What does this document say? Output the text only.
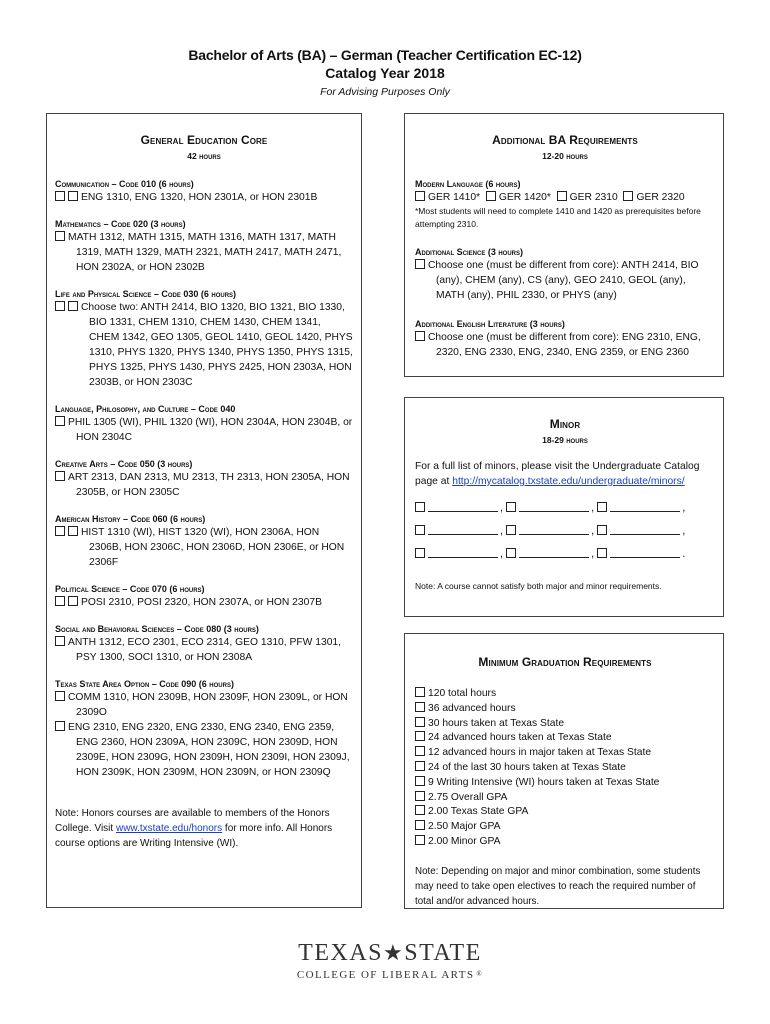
Bachelor of Arts (BA) – German (Teacher Certification EC-12)
Catalog Year 2018
For Advising Purposes Only
General Education Core
42 hours
Communication – Code 010 (6 hours)
ENG 1310, ENG 1320, HON 2301A, or HON 2301B
Mathematics – Code 020 (3 hours)
MATH 1312, MATH 1315, MATH 1316, MATH 1317, MATH 1319, MATH 1329, MATH 2321, MATH 2417, MATH 2471, HON 2302A, or HON 2302B
Life and Physical Science – Code 030 (6 hours)
Choose two: ANTH 2414, BIO 1320, BIO 1321, BIO 1330, BIO 1331, CHEM 1310, CHEM 1430, CHEM 1341, CHEM 1342, GEO 1305, GEOL 1410, GEOL 1420, PHYS 1310, PHYS 1320, PHYS 1340, PHYS 1350, PHYS 1315, PHYS 1325, PHYS 1430, PHYS 2425, HON 2303A, HON 2303B, or HON 2303C
Language, Philosophy, and Culture – Code 040
PHIL 1305 (WI), PHIL 1320 (WI), HON 2304A, HON 2304B, or HON 2304C
Creative Arts – Code 050 (3 hours)
ART 2313, DAN 2313, MU 2313, TH 2313, HON 2305A, HON 2305B, or HON 2305C
American History – Code 060 (6 hours)
HIST 1310 (WI), HIST 1320 (WI), HON 2306A, HON 2306B, HON 2306C, HON 2306D, HON 2306E, or HON 2306F
Political Science – Code 070 (6 hours)
POSI 2310, POSI 2320, HON 2307A, or HON 2307B
Social and Behavioral Sciences – Code 080 (3 hours)
ANTH 1312, ECO 2301, ECO 2314, GEO 1310, PFW 1301, PSY 1300, SOCI 1310, or HON 2308A
Texas State Area Option – Code 090 (6 hours)
COMM 1310, HON 2309B, HON 2309F, HON 2309L, or HON 2309O
ENG 2310, ENG 2320, ENG 2330, ENG 2340, ENG 2359, ENG 2360, HON 2309A, HON 2309C, HON 2309D, HON 2309E, HON 2309G, HON 2309H, HON 2309I, HON 2309J, HON 2309K, HON 2309M, HON 2309N, or HON 2309Q
Note: Honors courses are available to members of the Honors College. Visit www.txstate.edu/honors for more info. All Honors course options are Writing Intensive (WI).
Additional BA Requirements
12-20 hours
Modern Language (6 hours)
GER 1410* GER 1420* GER 2310 GER 2320
*Most students will need to complete 1410 and 1420 as prerequisites before attempting 2310.
Additional Science (3 hours)
Choose one (must be different from core): ANTH 2414, BIO (any), CHEM (any), CS (any), GEO 2410, GEOL (any), MATH (any), PHIL 2330, or PHYS (any)
Additional English Literature (3 hours)
Choose one (must be different from core): ENG 2310, ENG, 2320, ENG 2330, ENG, 2340, ENG 2359, or ENG 2360
Minor
18-29 hours
For a full list of minors, please visit the Undergraduate Catalog page at http://mycatalog.txstate.edu/undergraduate/minors/
,	,	,
,	,	,
,	,	.
Note: A course cannot satisfy both major and minor requirements.
Minimum Graduation Requirements
120 total hours
36 advanced hours
30 hours taken at Texas State
24 advanced hours taken at Texas State
12 advanced hours in major taken at Texas State
24 of the last 30 hours taken at Texas State
9 Writing Intensive (WI) hours taken at Texas State
2.75 Overall GPA
2.00 Texas State GPA
2.50 Major GPA
2.00 Minor GPA
Note: Depending on major and minor combination, some students may need to take open electives to reach the required number of total and/or advanced hours.
TEXAS★STATE
COLLEGE OF LIBERAL ARTS ®
